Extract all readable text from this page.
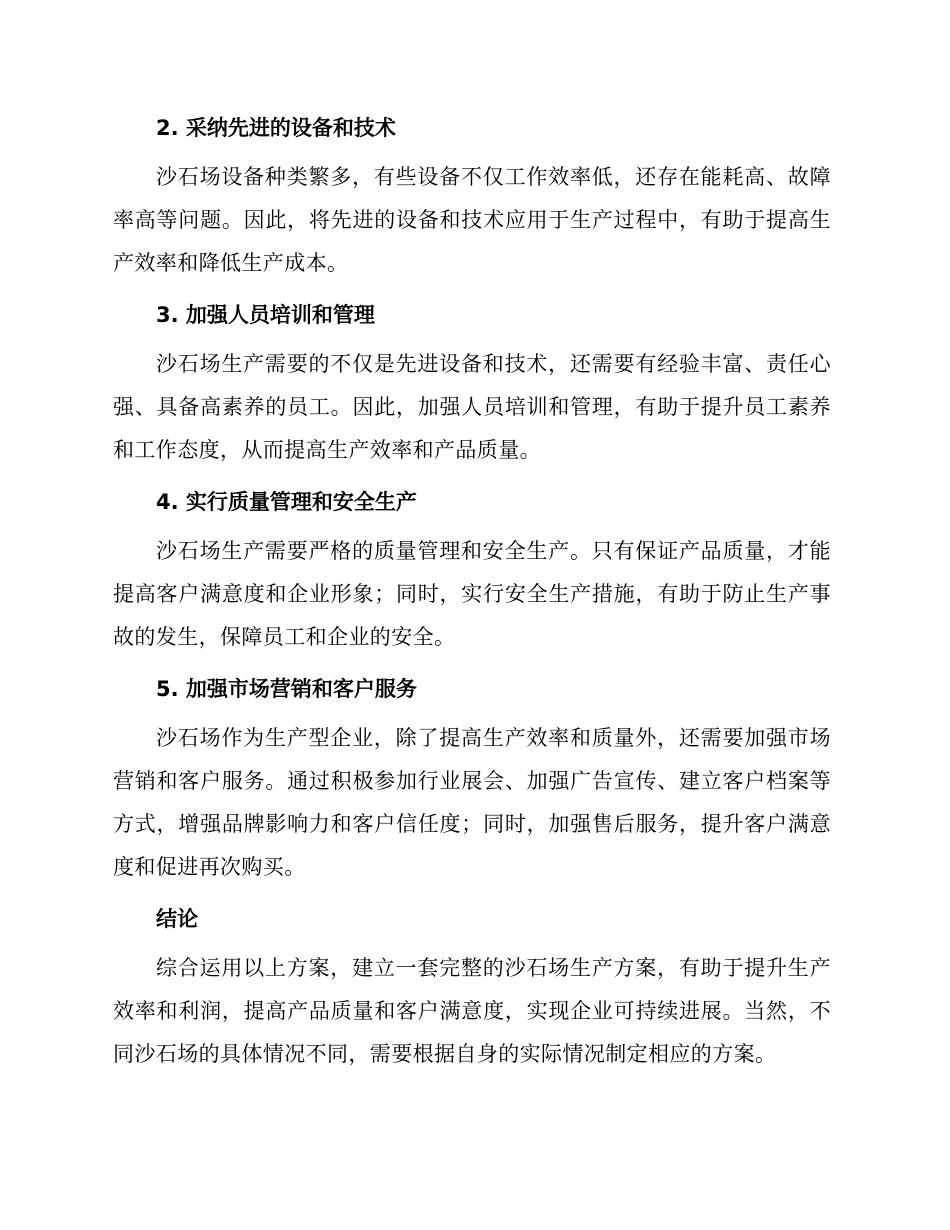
2. 采纳先进的设备和技术

沙石场设备种类繁多，有些设备不仅工作效率低，还存在能耗高、故障率高等问题。因此，将先进的设备和技术应用于生产过程中，有助于提高生产效率和降低生产成本。

3. 加强人员培训和管理

沙石场生产需要的不仅是先进设备和技术，还需要有经验丰富、责任心强、具备高素养的员工。因此，加强人员培训和管理，有助于提升员工素养和工作态度，从而提高生产效率和产品质量。

4. 实行质量管理和安全生产

沙石场生产需要严格的质量管理和安全生产。只有保证产品质量，才能提高客户满意度和企业形象；同时，实行安全生产措施，有助于防止生产事故的发生，保障员工和企业的安全。

5. 加强市场营销和客户服务

沙石场作为生产型企业，除了提高生产效率和质量外，还需要加强市场营销和客户服务。通过积极参加行业展会、加强广告宣传、建立客户档案等方式，增强品牌影响力和客户信任度；同时，加强售后服务，提升客户满意度和促进再次购买。

结论

综合运用以上方案，建立一套完整的沙石场生产方案，有助于提升生产效率和利润，提高产品质量和客户满意度，实现企业可持续进展。当然，不同沙石场的具体情况不同，需要根据自身的实际情况制定相应的方案。
